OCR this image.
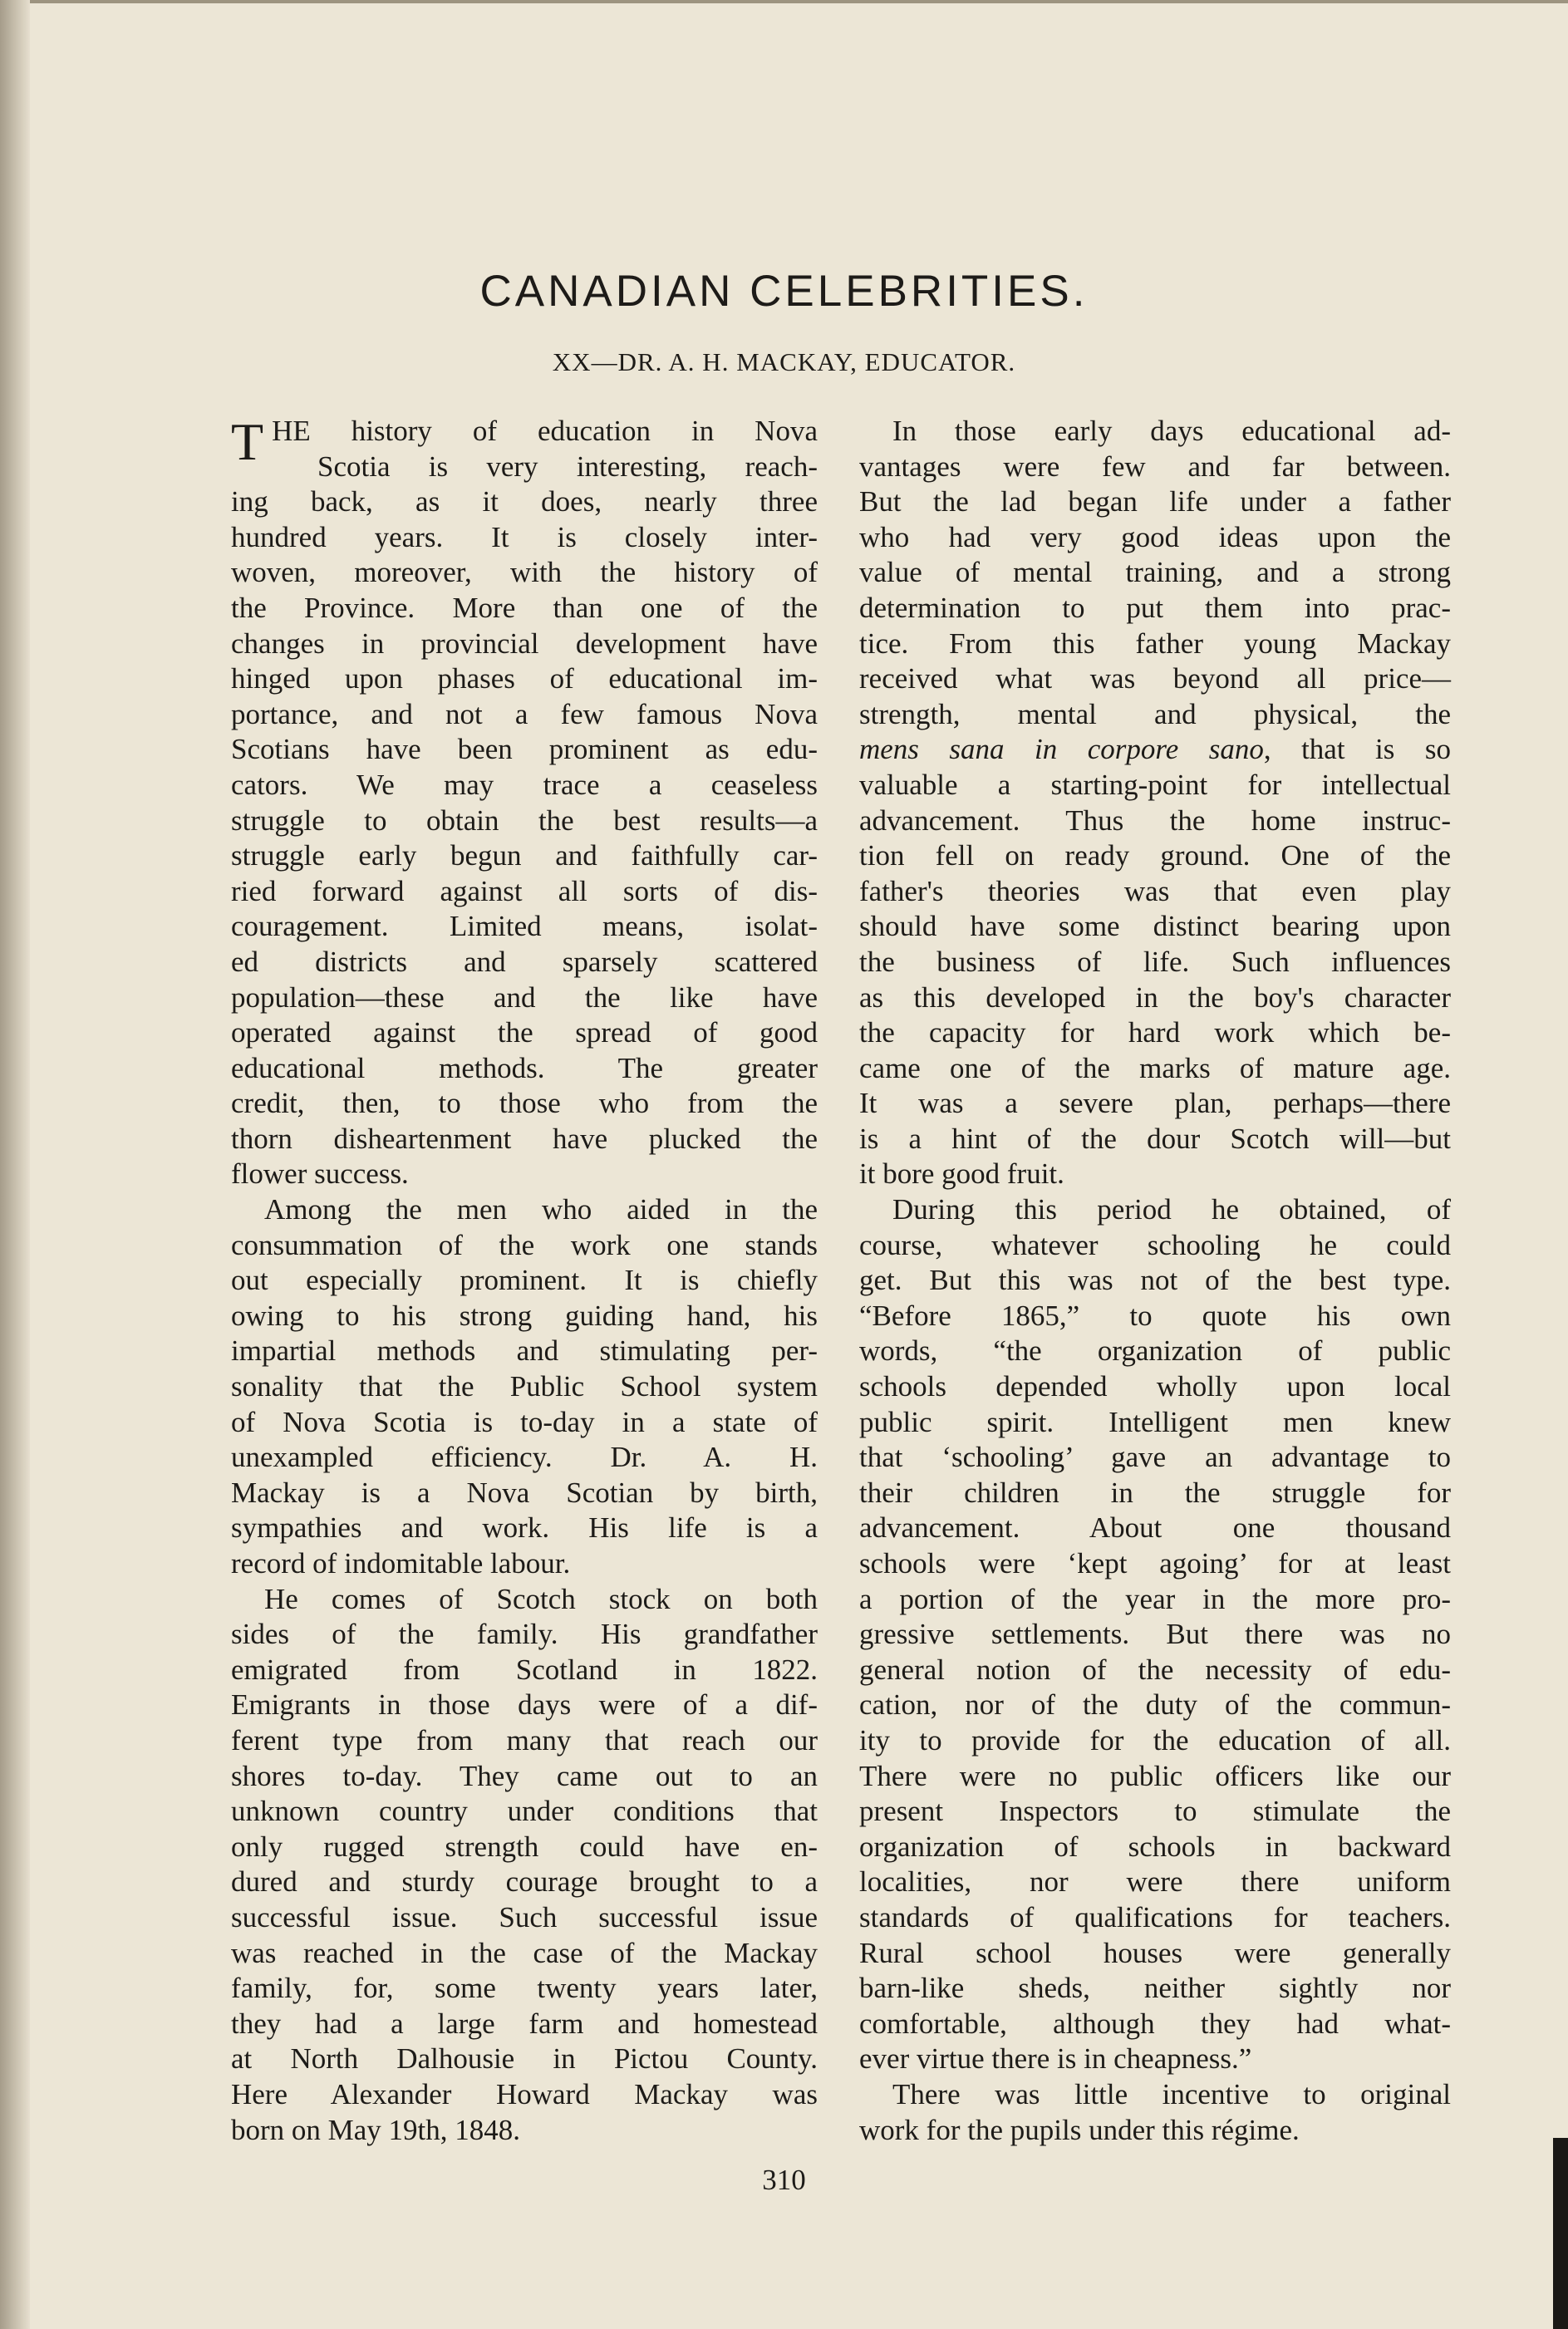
CANADIAN CELEBRITIES.
XX—DR. A. H. MACKAY, EDUCATOR.
THE history of education in Nova
Scotia is very interesting, reach-
ing back, as it does, nearly three
hundred years. It is closely inter-
woven, moreover, with the history of
the Province. More than one of the
changes in provincial development have
hinged upon phases of educational im-
portance, and not a few famous Nova
Scotians have been prominent as edu-
cators. We may trace a ceaseless
struggle to obtain the best results—a
struggle early begun and faithfully car-
ried forward against all sorts of dis-
couragement. Limited means, isolat-
ed districts and sparsely scattered
population—these and the like have
operated against the spread of good
educational methods. The greater
credit, then, to those who from the
thorn disheartenment have plucked the
flower success.
Among the men who aided in the
consummation of the work one stands
out especially prominent. It is chiefly
owing to his strong guiding hand, his
impartial methods and stimulating per-
sonality that the Public School system
of Nova Scotia is to-day in a state of
unexampled efficiency. Dr. A. H.
Mackay is a Nova Scotian by birth,
sympathies and work. His life is a
record of indomitable labour.
He comes of Scotch stock on both
sides of the family. His grandfather
emigrated from Scotland in 1822.
Emigrants in those days were of a dif-
ferent type from many that reach our
shores to-day. They came out to an
unknown country under conditions that
only rugged strength could have en-
dured and sturdy courage brought to a
successful issue. Such successful issue
was reached in the case of the Mackay
family, for, some twenty years later,
they had a large farm and homestead
at North Dalhousie in Pictou County.
Here Alexander Howard Mackay was
born on May 19th, 1848.
In those early days educational ad-
vantages were few and far between.
But the lad began life under a father
who had very good ideas upon the
value of mental training, and a strong
determination to put them into prac-
tice. From this father young Mackay
received what was beyond all price—
strength, mental and physical, the
mens sana in corpore sano, that is so
valuable a starting-point for intellectual
advancement. Thus the home instruc-
tion fell on ready ground. One of the
father's theories was that even play
should have some distinct bearing upon
the business of life. Such influences
as this developed in the boy's character
the capacity for hard work which be-
came one of the marks of mature age.
It was a severe plan, perhaps—there
is a hint of the dour Scotch will—but
it bore good fruit.
During this period he obtained, of
course, whatever schooling he could
get. But this was not of the best type.
“Before 1865,” to quote his own
words, “the organization of public
schools depended wholly upon local
public spirit. Intelligent men knew
that ‘schooling’ gave an advantage to
their children in the struggle for
advancement. About one thousand
schools were ‘kept agoing’ for at least
a portion of the year in the more pro-
gressive settlements. But there was no
general notion of the necessity of edu-
cation, nor of the duty of the commun-
ity to provide for the education of all.
There were no public officers like our
present Inspectors to stimulate the
organization of schools in backward
localities, nor were there uniform
standards of qualifications for teachers.
Rural school houses were generally
barn-like sheds, neither sightly nor
comfortable, although they had what-
ever virtue there is in cheapness.”
There was little incentive to original
work for the pupils under this régime.
310
